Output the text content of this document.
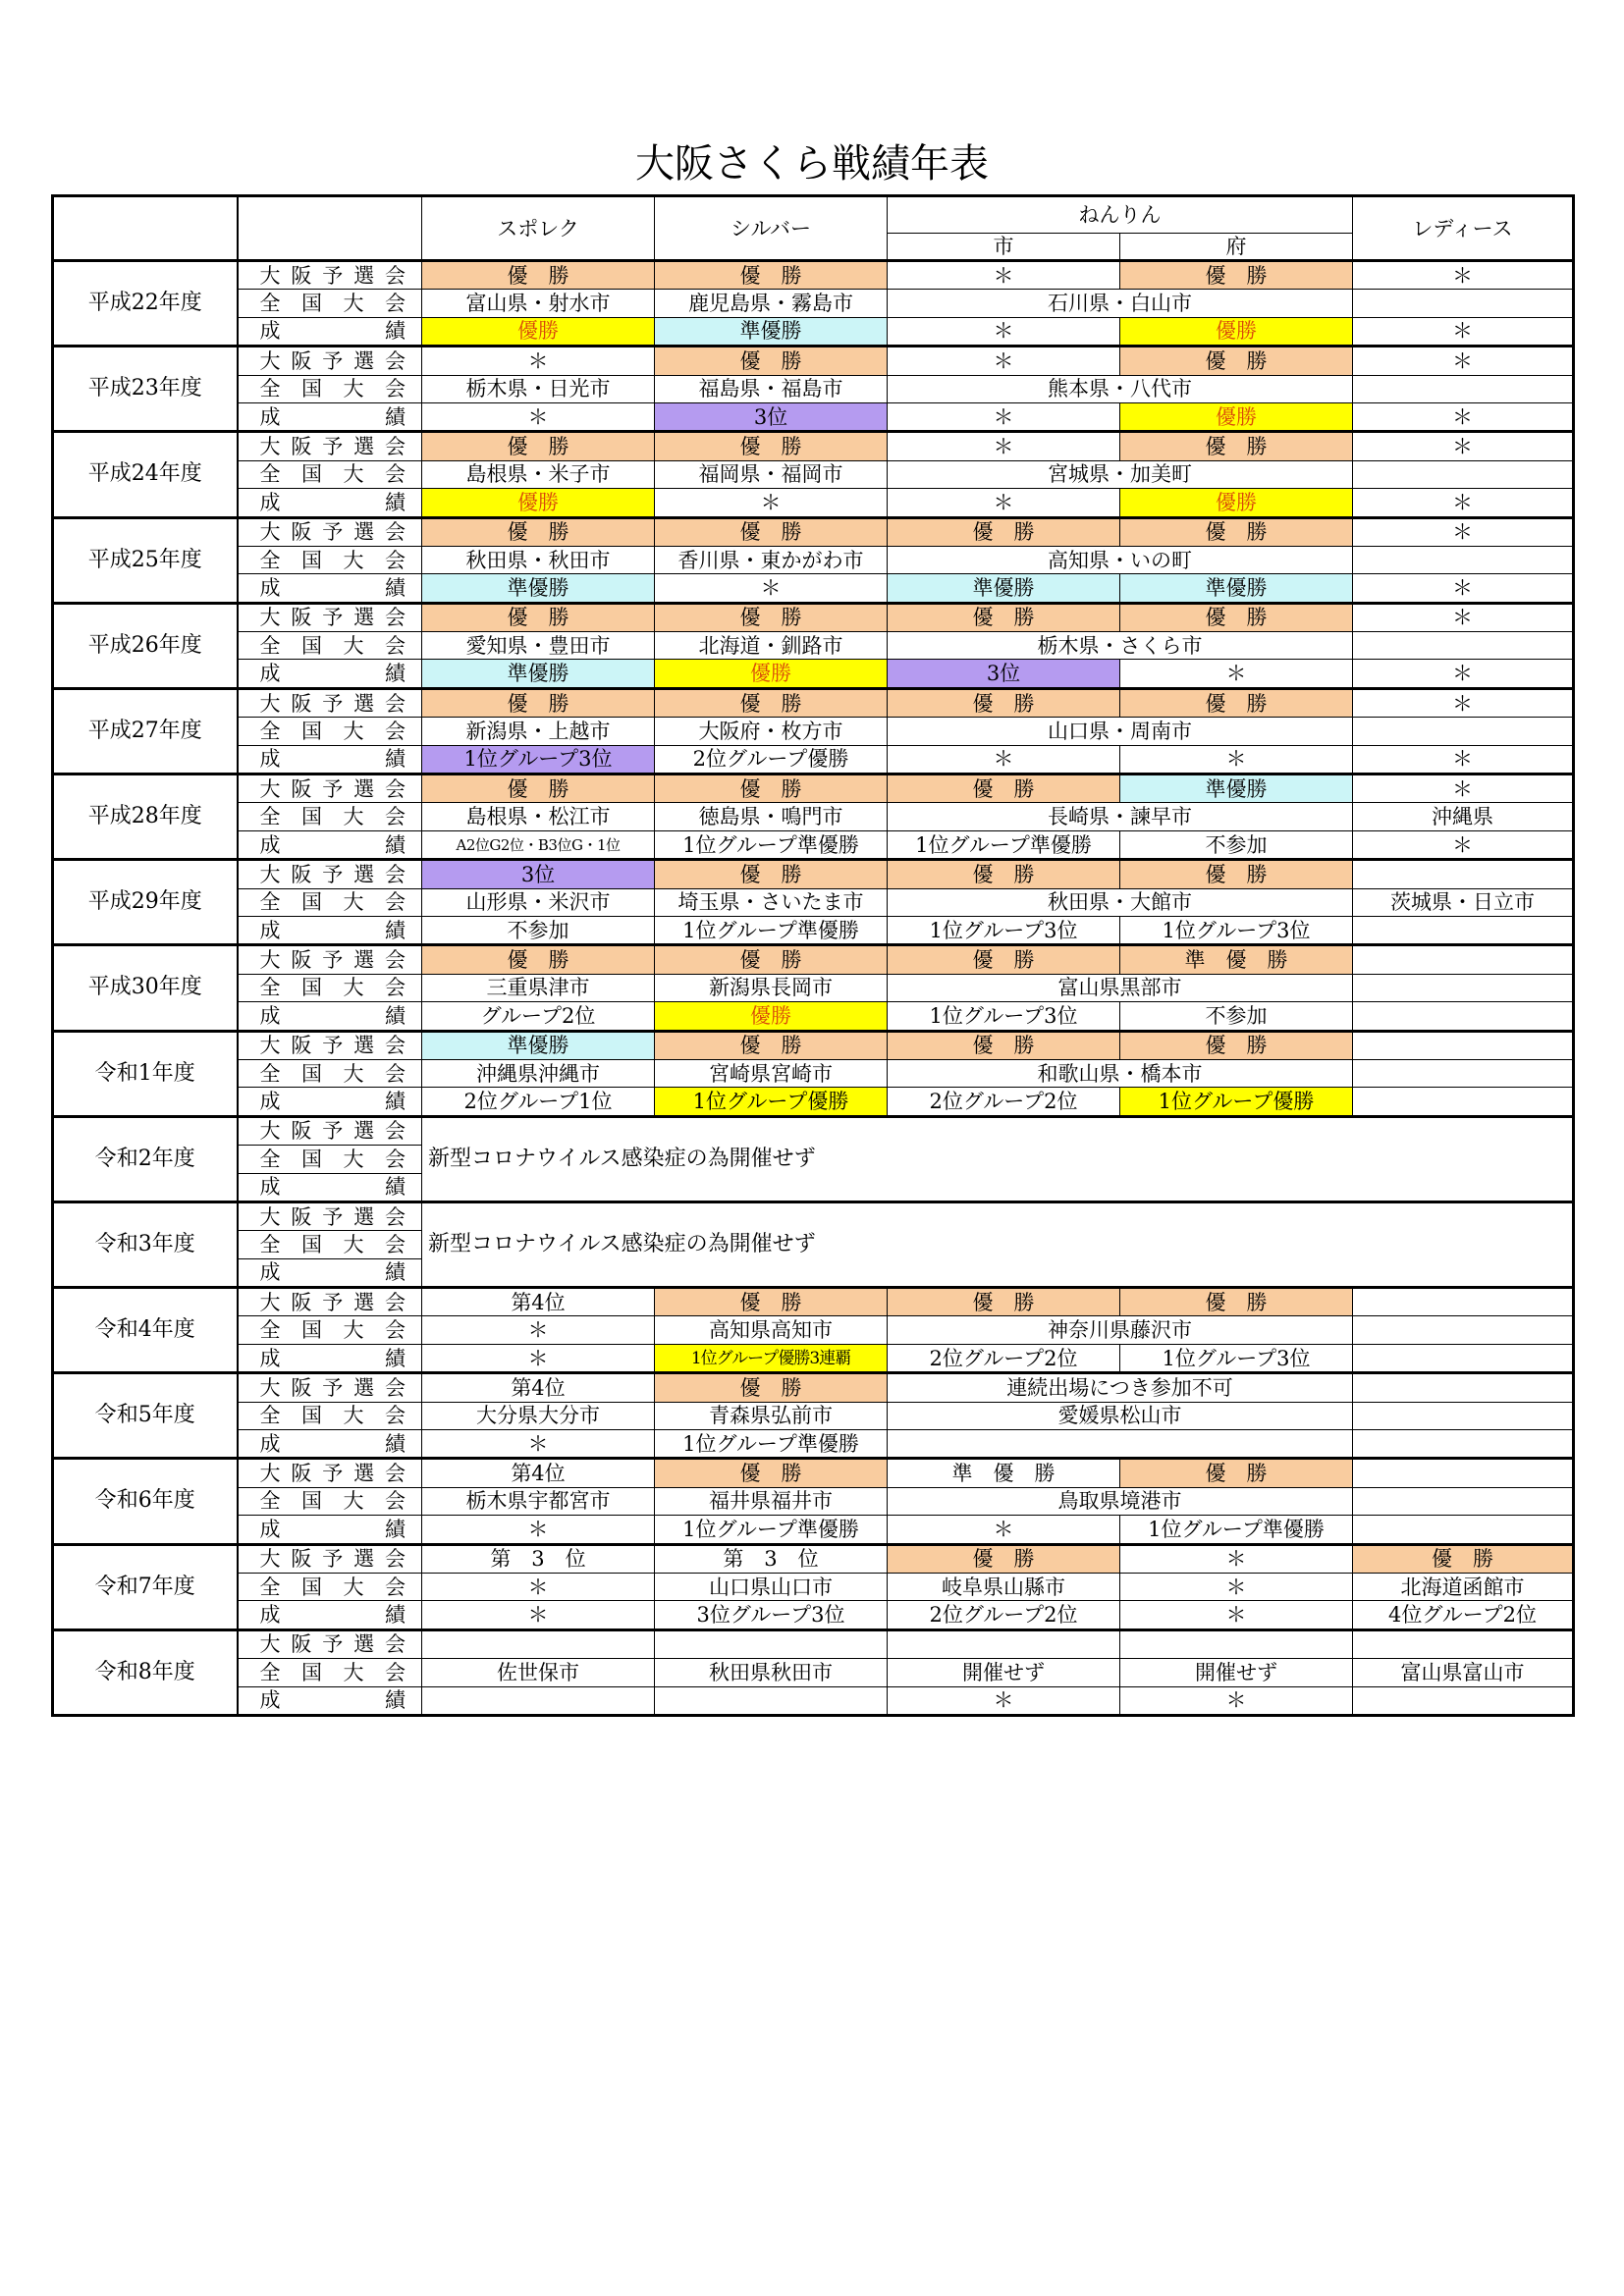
大阪さくら戦績年表
		スポレク	シルバー	ねんりん		レディース
				市	府	
平成22年度	大阪予選会	優　勝	優　勝	＊	優　勝	＊
	全国大会	富山県・射水市	鹿児島県・霧島市	石川県・白山市		
	成績	優勝	準優勝	＊	優勝	＊
平成23年度	大阪予選会	＊	優　勝	＊	優　勝	＊
	全国大会	栃木県・日光市	福島県・福島市	熊本県・八代市		
	成績	＊	3位	＊	優勝	＊
平成24年度	大阪予選会	優　勝	優　勝	＊	優　勝	＊
	全国大会	島根県・米子市	福岡県・福岡市	宮城県・加美町		
	成績	優勝	＊	＊	優勝	＊
平成25年度	大阪予選会	優　勝	優　勝	優　勝	優　勝	＊
	全国大会	秋田県・秋田市	香川県・東かがわ市	高知県・いの町		
	成績	準優勝	＊	準優勝	準優勝	＊
平成26年度	大阪予選会	優　勝	優　勝	優　勝	優　勝	＊
	全国大会	愛知県・豊田市	北海道・釧路市	栃木県・さくら市		
	成績	準優勝	優勝	3位	＊	＊
平成27年度	大阪予選会	優　勝	優　勝	優　勝	優　勝	＊
	全国大会	新潟県・上越市	大阪府・枚方市	山口県・周南市		
	成績	1位グループ3位	2位グループ優勝	＊	＊	＊
平成28年度	大阪予選会	優　勝	優　勝	優　勝	準優勝	＊
	全国大会	島根県・松江市	徳島県・鳴門市	長崎県・諫早市		沖縄県
	成績	A2位G2位・B3位G・1位	1位グループ準優勝	1位グループ準優勝	不参加	＊
平成29年度	大阪予選会	3位	優　勝	優　勝	優　勝	
	全国大会	山形県・米沢市	埼玉県・さいたま市	秋田県・大館市		茨城県・日立市
	成績	不参加	1位グループ準優勝	1位グループ3位	1位グループ3位	
平成30年度	大阪予選会	優　勝	優　勝	優　勝	準　優　勝	
	全国大会	三重県津市	新潟県長岡市	富山県黒部市		
	成績	グループ2位	優勝	1位グループ3位	不参加	
令和1年度	大阪予選会	準優勝	優　勝	優　勝	優　勝	
	全国大会	沖縄県沖縄市	宮崎県宮崎市	和歌山県・橋本市		
	成績	2位グループ1位	1位グループ優勝	2位グループ2位	1位グループ優勝	
令和2年度	大阪予選会	新型コロナウイルス感染症の為開催せず				
	全国大会					
	成績					
令和3年度	大阪予選会	新型コロナウイルス感染症の為開催せず				
	全国大会					
	成績					
令和4年度	大阪予選会	第4位	優　勝	優　勝	優　勝	
	全国大会	＊	高知県高知市	神奈川県藤沢市		
	成績	＊	1位グループ優勝3連覇	2位グループ2位	1位グループ3位	
令和5年度	大阪予選会	第4位	優　勝	連続出場につき参加不可		
	全国大会	大分県大分市	青森県弘前市	愛媛県松山市		
	成績	＊	1位グループ準優勝			
令和6年度	大阪予選会	第4位	優　勝	準　優　勝	優　勝	
	全国大会	栃木県宇都宮市	福井県福井市	鳥取県境港市		
	成績	＊	1位グループ準優勝	＊	1位グループ準優勝	
令和7年度	大阪予選会	第　3　位	第　3　位	優　勝	＊	優　勝
	全国大会	＊	山口県山口市	岐阜県山縣市	＊	北海道函館市
	成績	＊	3位グループ3位	2位グループ2位	＊	4位グループ2位
令和8年度	大阪予選会					
	全国大会	佐世保市	秋田県秋田市	開催せず	開催せず	富山県富山市
	成績			＊	＊	
